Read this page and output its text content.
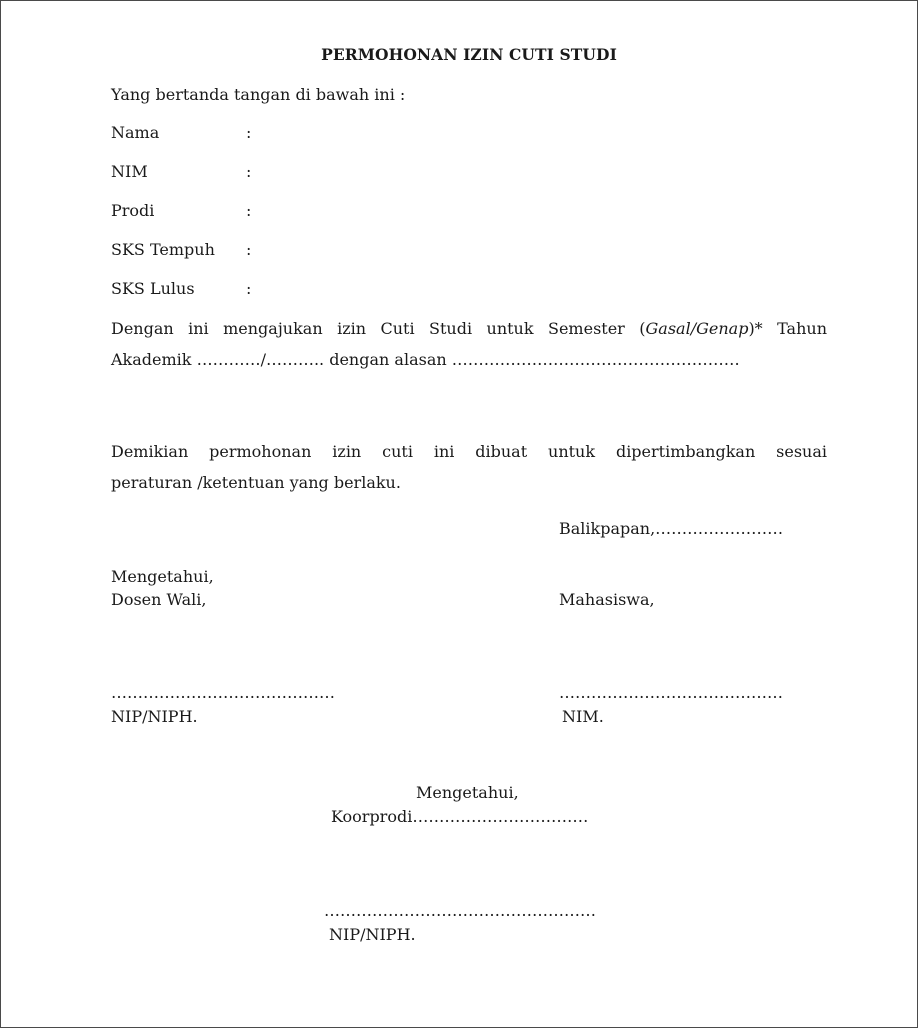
PERMOHONAN IZIN CUTI STUDI
Yang bertanda tangan di bawah ini :
Nama	:
NIM	:
Prodi	:
SKS Tempuh :
SKS Lulus	:
Dengan ini mengajukan izin Cuti Studi untuk Semester (Gasal/Genap)* Tahun
Akademik …………/……….. dengan alasan ………………………………………………
Demikian permohonan izin cuti ini dibuat untuk dipertimbangkan sesuai
peraturan /ketentuan yang berlaku.
Balikpapan,……………………
Mengetahui,
Dosen Wali,
……………………………………
NIP/NIPH.
Mahasiswa,
……………………………………
NIM.
Mengetahui,
Koorprodi……………………………
……………………………………………
NIP/NIPH.
